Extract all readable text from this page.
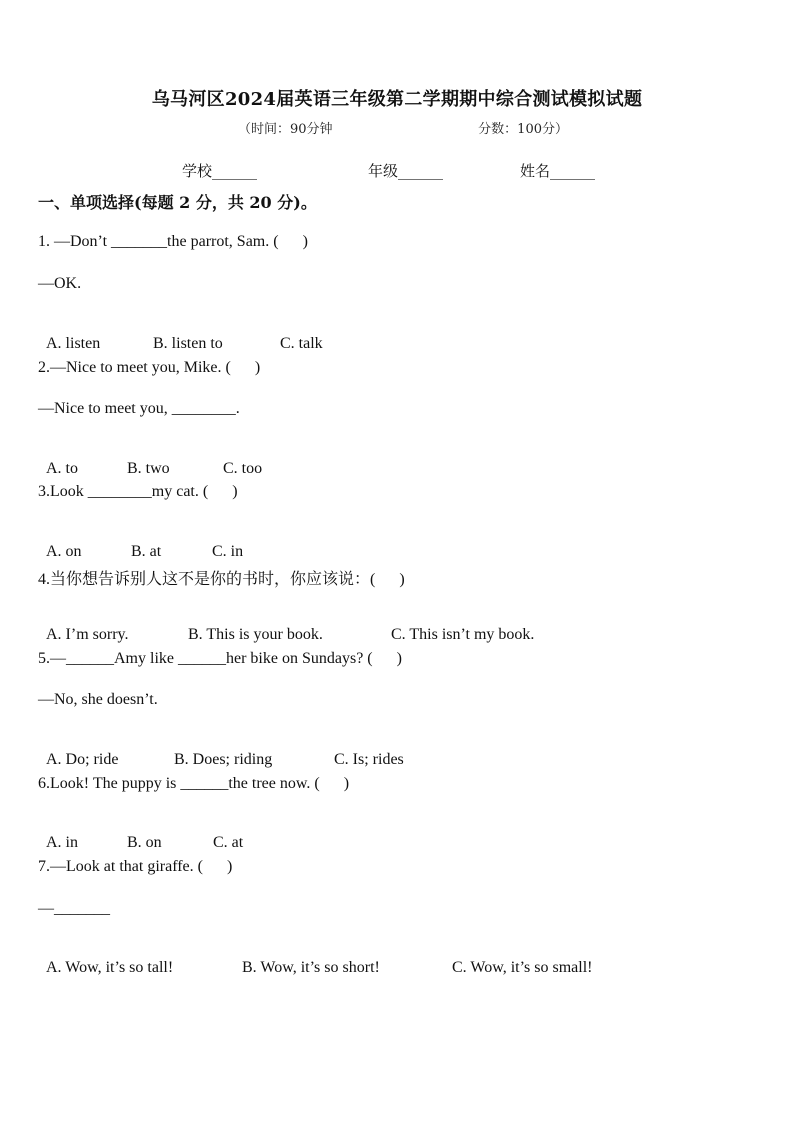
乌马河区2024届英语三年级第二学期期中综合测试模拟试题
（时间：90分钟	分数：100分）
学校______	年级______	姓名______
一、单项选择(每题 2 分，共 20 分)。
1. —Don’t _______the parrot, Sam. (      )
—OK.

A. listen	B. listen to	C. talk

2.—Nice to meet you, Mike. (      )
—Nice to meet you, ________.

A. to	B. two	C. too

3.Look ________my cat. (      )

A. on	B. at	C. in

4.当你想告诉别人这不是你的书时，你应该说：(      )

A. I’m sorry.	B. This is your book.	C. This isn’t my book.

5.—______Amy like ______her bike on Sundays? (      )
—No, she doesn’t.

A. Do; ride	B. Does; riding	C. Is; rides

6.Look! The puppy is ______the tree now. (      )

A. in	B. on	C. at

7.—Look at that giraffe. (      )
—_______

A. Wow, it’s so tall!	B. Wow, it’s so short!	C. Wow, it’s so small!
